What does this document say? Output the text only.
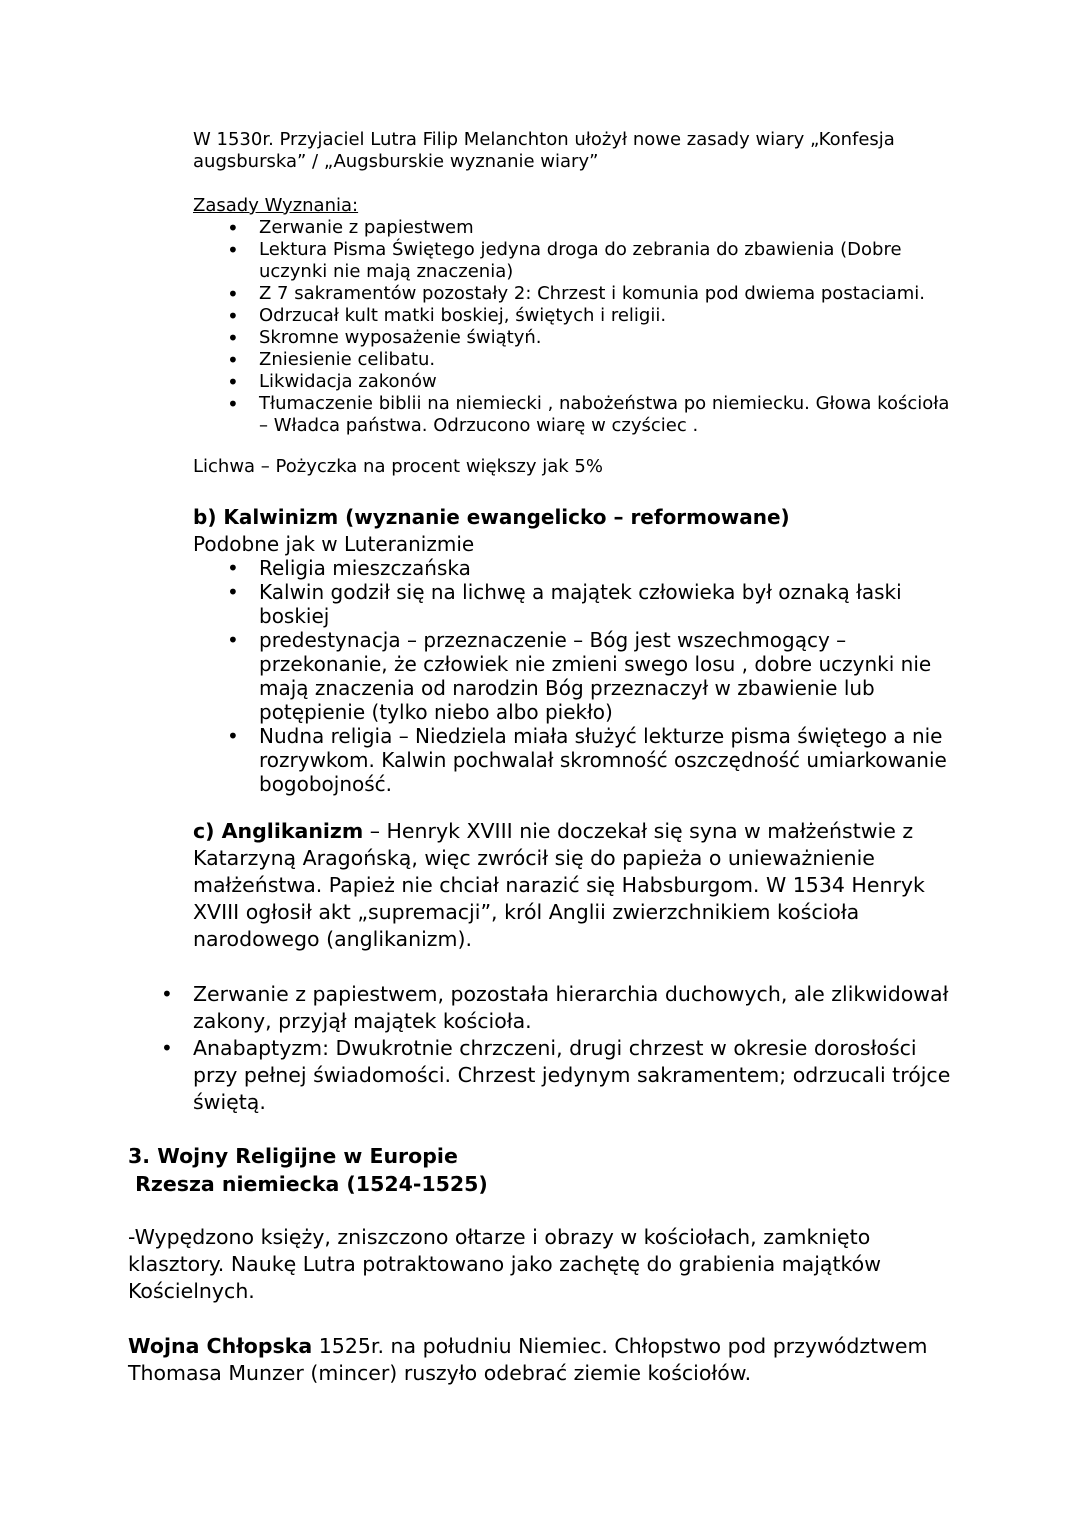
W 1530r. Przyjaciel Lutra Filip Melanchton ułożył nowe zasady wiary „Konfesja augsburska” / „Augsburskie wyznanie wiary”

Zasady Wyznania:

• Zerwanie z papiestwem
• Lektura Pisma Świętego jedyna droga do zebrania do zbawienia (Dobre uczynki nie mają znaczenia)
• Z 7 sakramentów pozostały 2: Chrzest i komunia pod dwiema postaciami.
• Odrzucał kult matki boskiej, świętych i religii.
• Skromne wyposażenie świątyń.
• Zniesienie celibatu.
• Likwidacja zakonów
• Tłumaczenie biblii na niemiecki , nabożeństwa po niemiecku. Głowa kościoła – Władca państwa. Odrzucono wiarę w czyściec .

Lichwa – Pożyczka na procent większy jak 5%

b) Kalwinizm (wyznanie ewangelicko – reformowane)

Podobne jak w Luteranizmie

• Religia mieszczańska
• Kalwin godził się na lichwę a majątek człowieka był oznaką łaski boskiej
• predestynacja – przeznaczenie – Bóg jest wszechmogący – przekonanie, że człowiek nie zmieni swego losu , dobre uczynki nie mają znaczenia od narodzin Bóg przeznaczył w zbawienie lub potępienie (tylko niebo albo piekło)
• Nudna religia – Niedziela miała służyć lekturze pisma świętego a nie rozrywkom. Kalwin pochwalał skromność oszczędność umiarkowanie bogobojność.

c) Anglikanizm – Henryk XVIII nie doczekał się syna w małżeństwie z Katarzyną Aragońską, więc zwrócił się do papieża o unieważnienie małżeństwa. Papież nie chciał narazić się Habsburgom. W 1534 Henryk XVIII ogłosił akt „supremacji”, król Anglii zwierzchnikiem kościoła narodowego (anglikanizm).

• Zerwanie z papiestwem, pozostała hierarchia duchowych, ale zlikwidował zakony, przyjął majątek kościoła.
• Anabaptyzm: Dwukrotnie chrzczeni, drugi chrzest w okresie dorosłości przy pełnej świadomości. Chrzest jedynym sakramentem; odrzucali trójce świętą.

3. Wojny Religijne w Europie

Rzesza niemiecka (1524-1525)

-Wypędzono księży, zniszczono ołtarze i obrazy w kościołach, zamknięto klasztory. Naukę Lutra potraktowano jako zachętę do grabienia majątków Kościelnych.

Wojna Chłopska 1525r. na południu Niemiec. Chłopstwo pod przywództwem Thomasa Munzer (mincer) ruszyło odebrać ziemie kościołów.
